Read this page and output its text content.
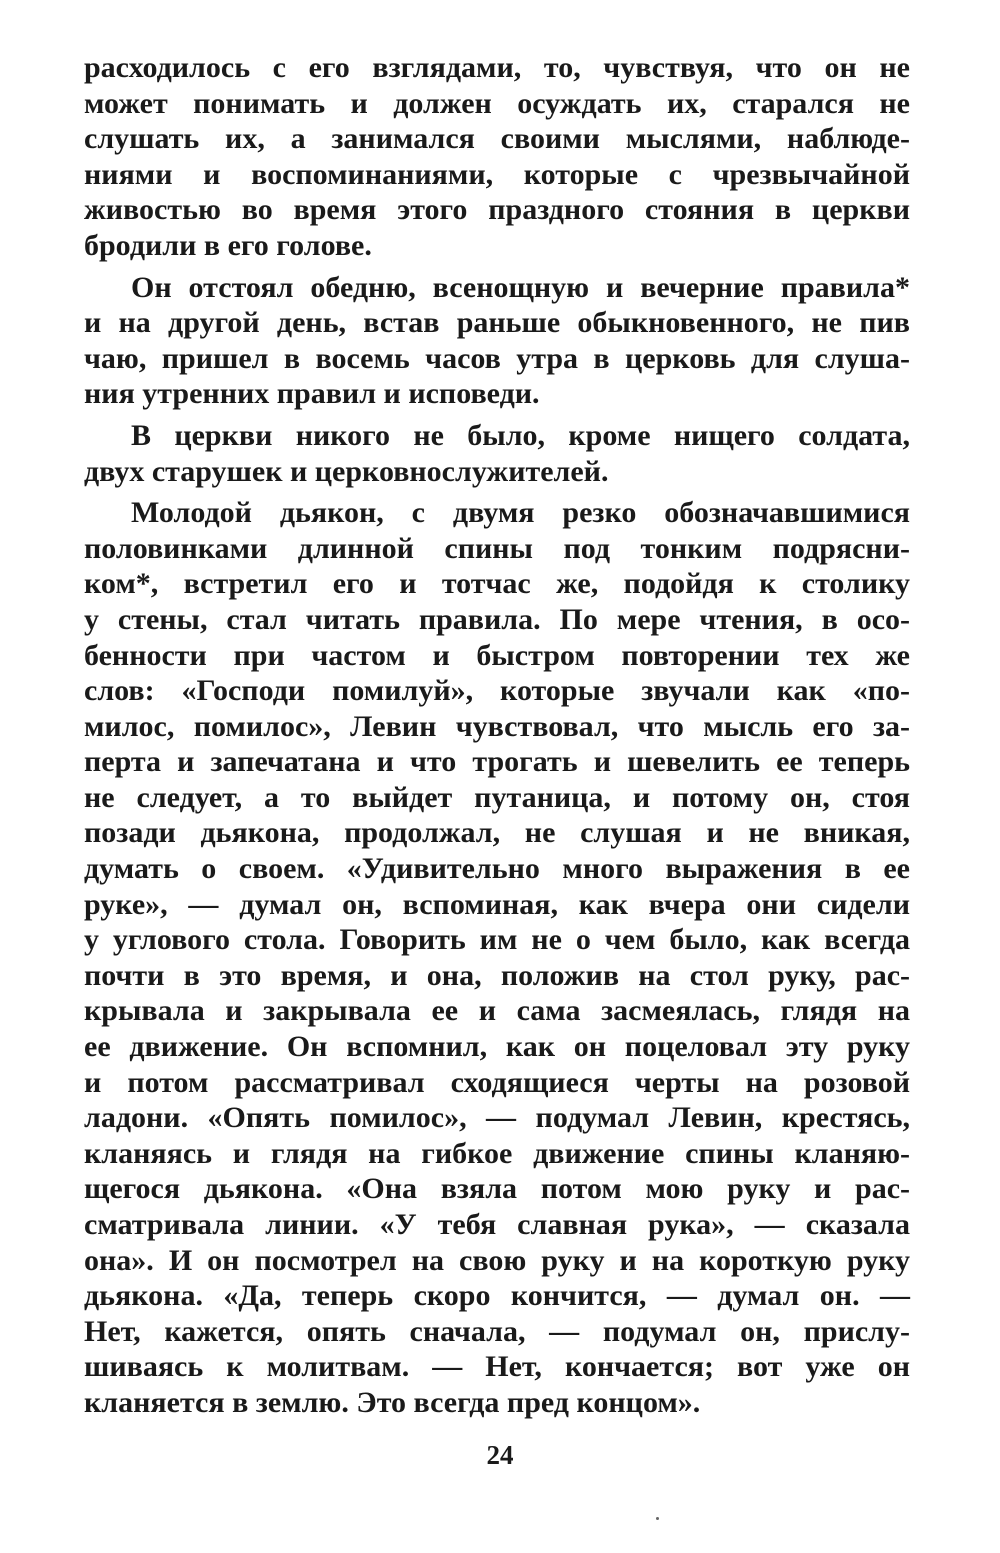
расходилось с его взглядами, то, чувствуя, что он не
может понимать и должен осуждать их, старался не
слушать их, а занимался своими мыслями, наблюде-
ниями и воспоминаниями, которые с чрезвычайной
живостью во время этого праздного стояния в церкви
бродили в его голове.
Он отстоял обедню, всенощную и вечерние правила*
и на другой день, встав раньше обыкновенного, не пив
чаю, пришел в восемь часов утра в церковь для слуша-
ния утренних правил и исповеди.
В церкви никого не было, кроме нищего солдата,
двух старушек и церковнослужителей.
Молодой дьякон, с двумя резко обозначавшимися
половинками длинной спины под тонким подрясни-
ком*, встретил его и тотчас же, подойдя к столику
у стены, стал читать правила. По мере чтения, в осо-
бенности при частом и быстром повторении тех же
слов: «Господи помилуй», которые звучали как «по-
милос, помилос», Левин чувствовал, что мысль его за-
перта и запечатана и что трогать и шевелить ее теперь
не следует, а то выйдет путаница, и потому он, стоя
позади дьякона, продолжал, не слушая и не вникая,
думать о своем. «Удивительно много выражения в ее
руке», — думал он, вспоминая, как вчера они сидели
у углового стола. Говорить им не о чем было, как всегда
почти в это время, и она, положив на стол руку, рас-
крывала и закрывала ее и сама засмеялась, глядя на
ее движение. Он вспомнил, как он поцеловал эту руку
и потом рассматривал сходящиеся черты на розовой
ладони. «Опять помилос», — подумал Левин, крестясь,
кланяясь и глядя на гибкое движение спины кланяю-
щегося дьякона. «Она взяла потом мою руку и рас-
сматривала линии. «У тебя славная рука», — сказала
она». И он посмотрел на свою руку и на короткую руку
дьякона. «Да, теперь скоро кончится, — думал он. —
Нет, кажется, опять сначала, — подумал он, прислу-
шиваясь к молитвам. — Нет, кончается; вот уже он
кланяется в землю. Это всегда пред концом».
24
